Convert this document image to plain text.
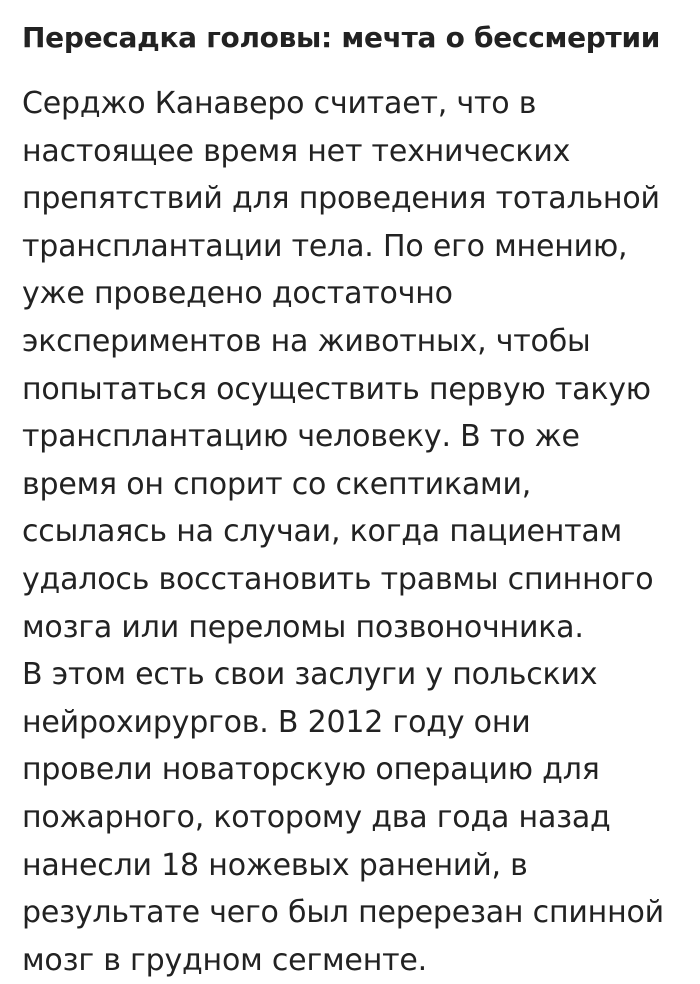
Пересадка головы: мечта о бессмертии
Серджо Канаверо считает, что в
настоящее время нет технических
препятствий для проведения тотальной
трансплантации тела. По его мнению,
уже проведено достаточно
экспериментов на животных, чтобы
попытаться осуществить первую такую
трансплантацию человеку. В то же
время он спорит со скептиками,
ссылаясь на случаи, когда пациентам
удалось восстановить травмы спинного
мозга или переломы позвоночника.
В этом есть свои заслуги у польских
нейрохирургов. В 2012 году они
провели новаторскую операцию для
пожарного, которому два года назад
нанесли 18 ножевых ранений, в
результате чего был перерезан спинной
мозг в грудном сегменте.
